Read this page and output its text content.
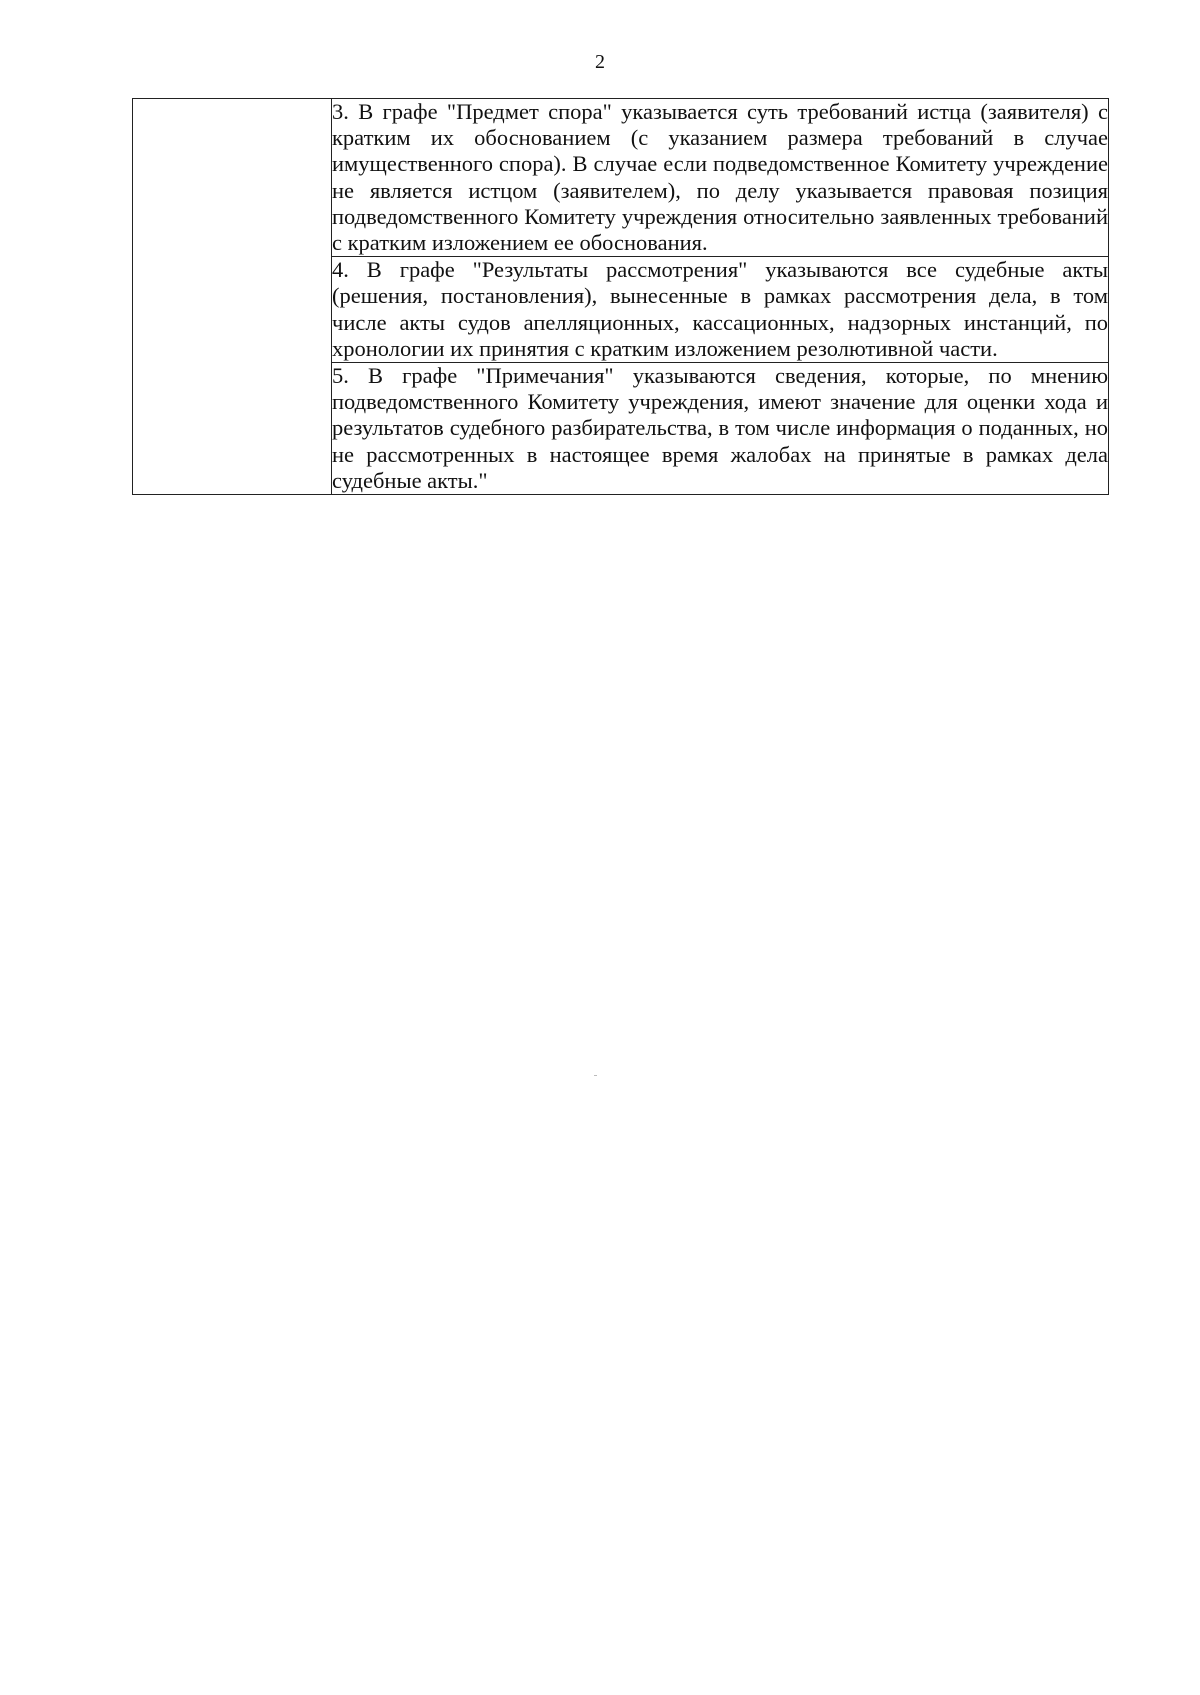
2

3. В графе "Предмет спора" указывается суть требований истца (заявителя) с кратким их обоснованием (с указанием размера требований в случае имущественного спора). В случае если подведомственное Комитету учреждение не является истцом (заявителем), по делу указывается правовая позиция подведомственного Комитету учреждения относительно заявленных требований с кратким изложением ее обоснования.

4. В графе "Результаты рассмотрения" указываются все судебные акты (решения, постановления), вынесенные в рамках рассмотрения дела, в том числе акты судов апелляционных, кассационных, надзорных инстанций, по хронологии их принятия с кратким изложением резолютивной части.

5. В графе "Примечания" указываются сведения, которые, по мнению подведомственного Комитету учреждения, имеют значение для оценки хода и результатов судебного разбирательства, в том числе информация о поданных, но не рассмотренных в настоящее время жалобах на принятые в рамках дела судебные акты."
